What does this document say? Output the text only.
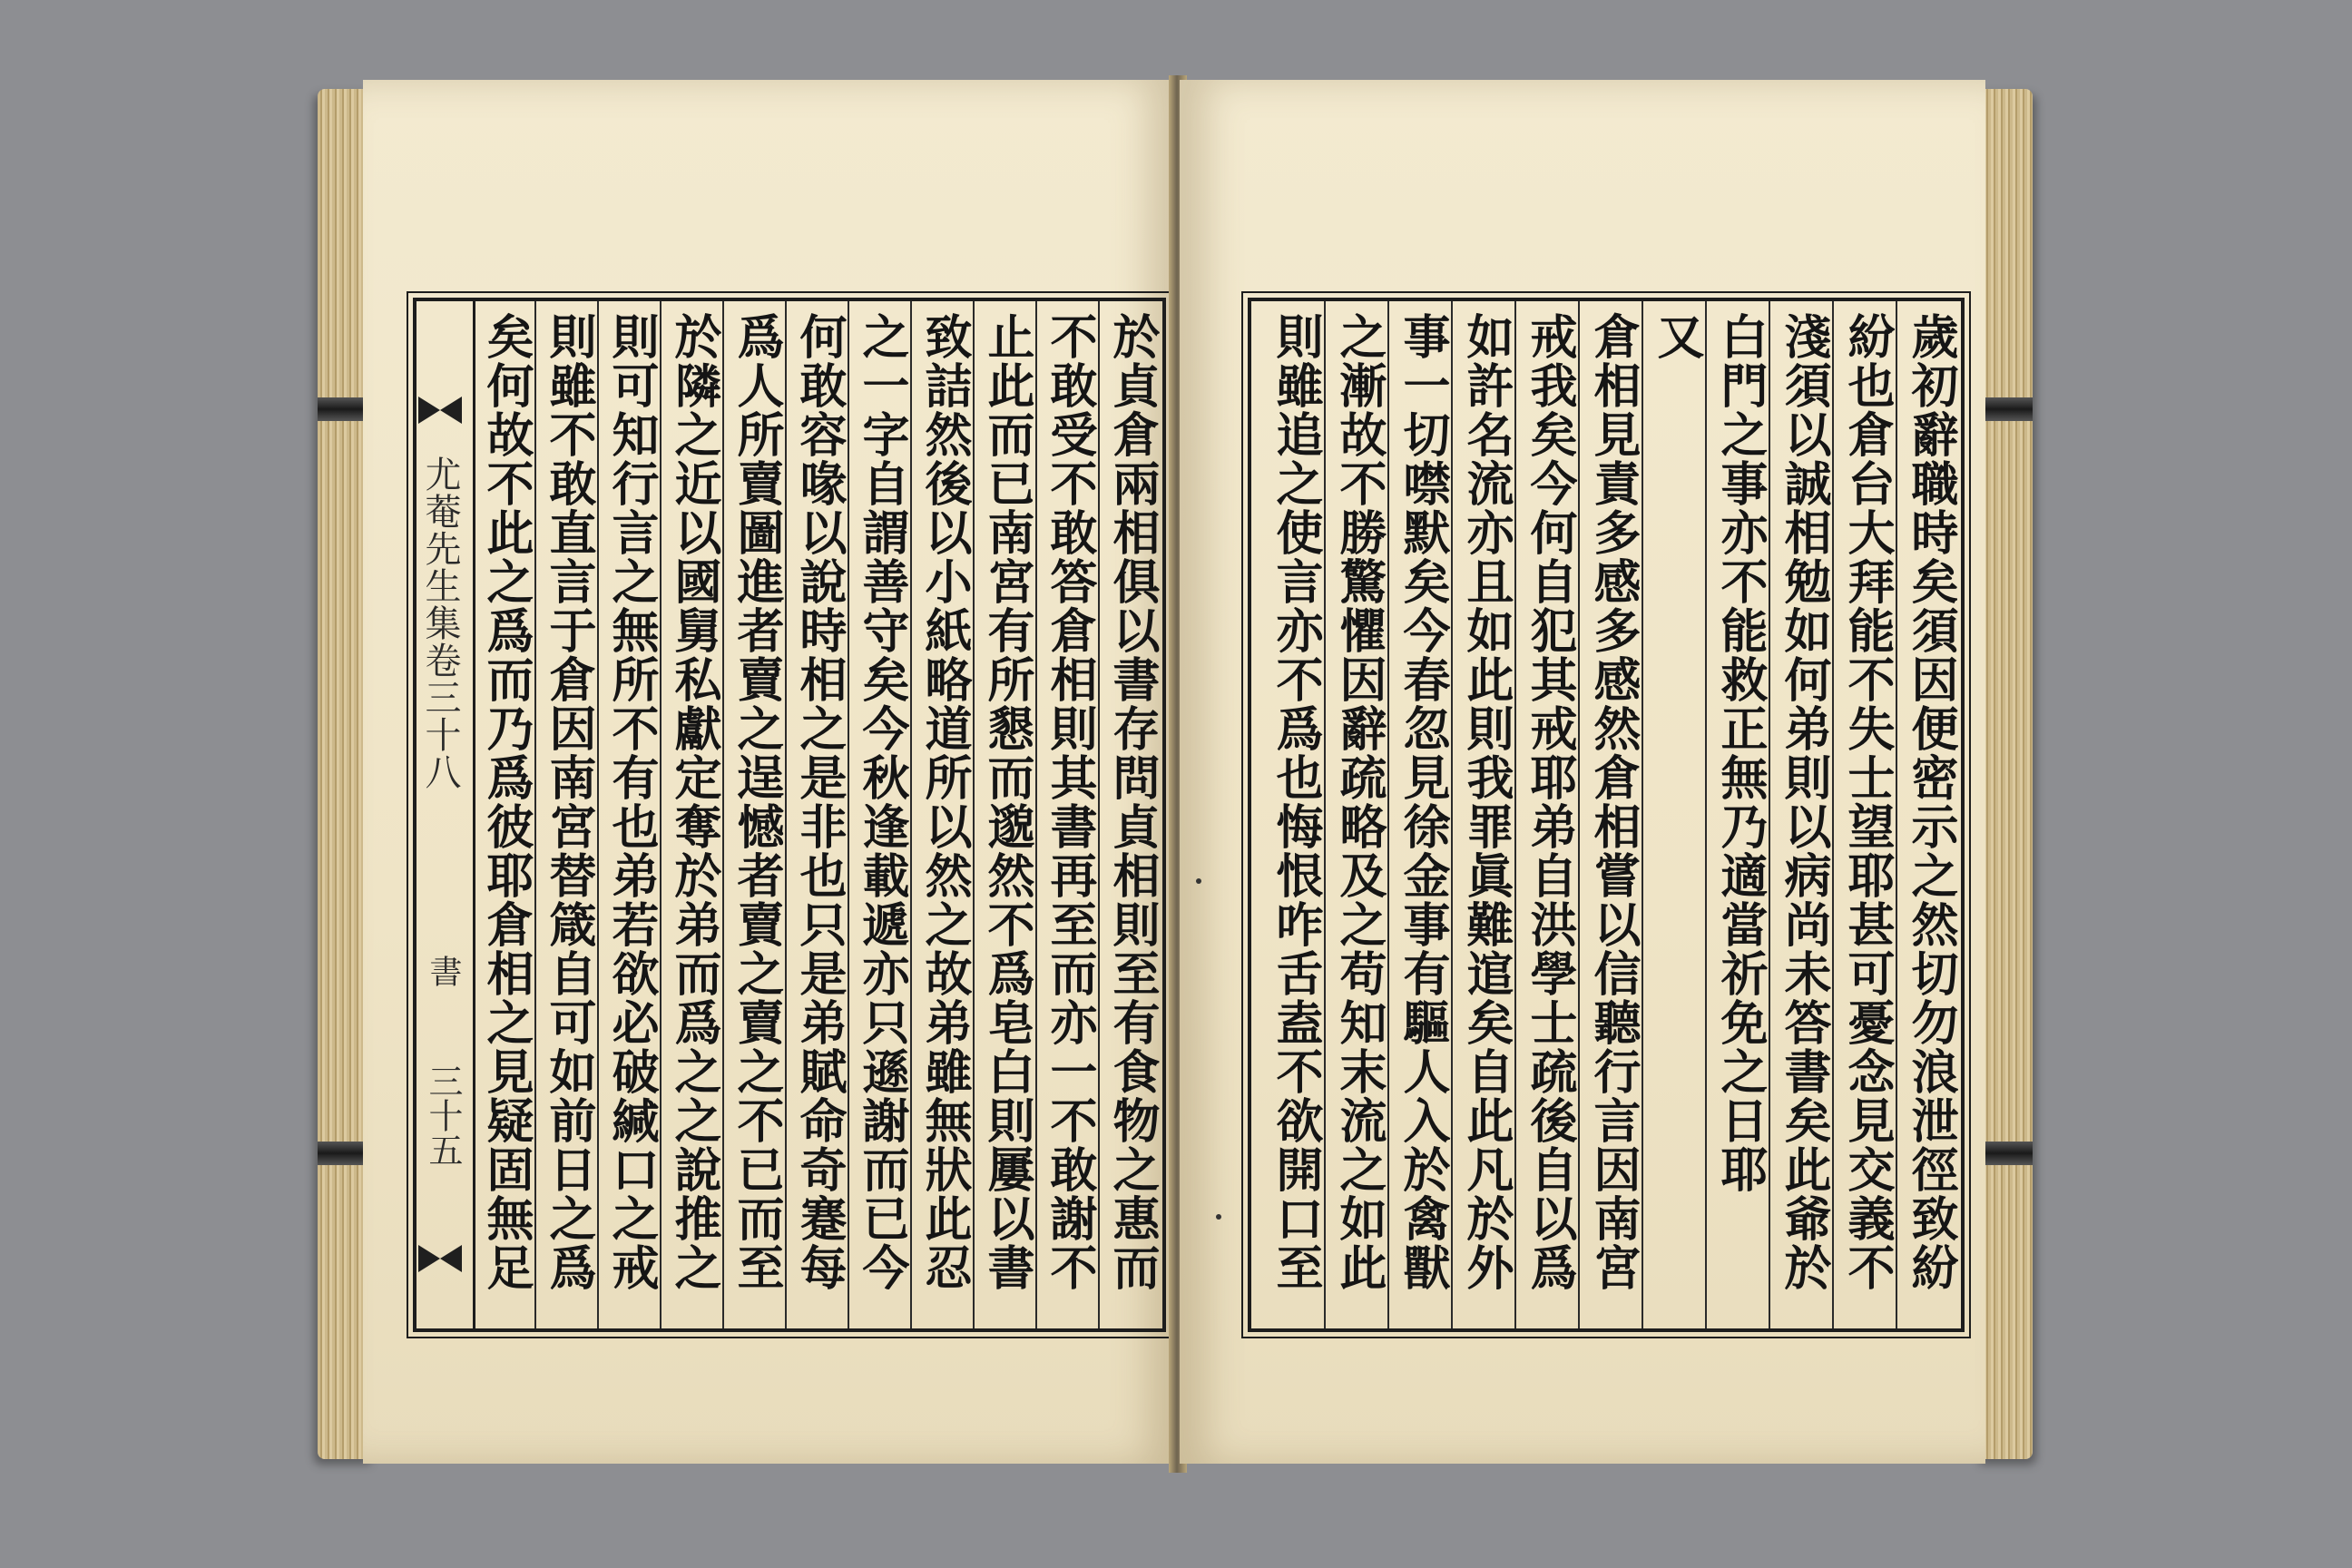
尤菴先生集卷三十八
書
三十五	於貞倉兩相俱以書存問貞相則至有食物之惠而
不敢受不敢答倉相則其書再至而亦一不敢謝不
止此而已南宮有所懇而邈然不爲皂白則屢以書
致詰然後以小紙略道所以然之故弟雖無狀此忍
之一字自謂善守矣今秋逢載遞亦只遜謝而已今
何敢容喙以說時相之是非也只是弟賦命奇蹇每
爲人所賣圖進者賣之逞憾者賣之賣之不已而至
於隣之近以國舅私獻定奪於弟而爲之之說推之
則可知行言之無所不有也弟若欲必破緘口之戒
則雖不敢直言于倉因南宮替箴自可如前日之爲
矣何故不此之爲而乃爲彼耶倉相之見疑固無足	歲初辭職時矣須因便密示之然切勿浪泄徑致紛
紛也倉台大拜能不失士望耶甚可憂念見交義不
淺須以誠相勉如何弟則以病尚未答書矣此爺於
白門之事亦不能救正無乃適當祈免之日耶
又
倉相見責多感多感然倉相嘗以信聽行言因南宮
戒我矣今何自犯其戒耶弟自洪學士疏後自以爲
如許名流亦且如此則我罪眞難逭矣自此凡於外
事一切噤默矣今春忽見徐金事有驅人入於禽獸
之漸故不勝驚懼因辭疏略及之苟知末流之如此
則雖追之使言亦不爲也悔恨咋舌盍不欲開口至
